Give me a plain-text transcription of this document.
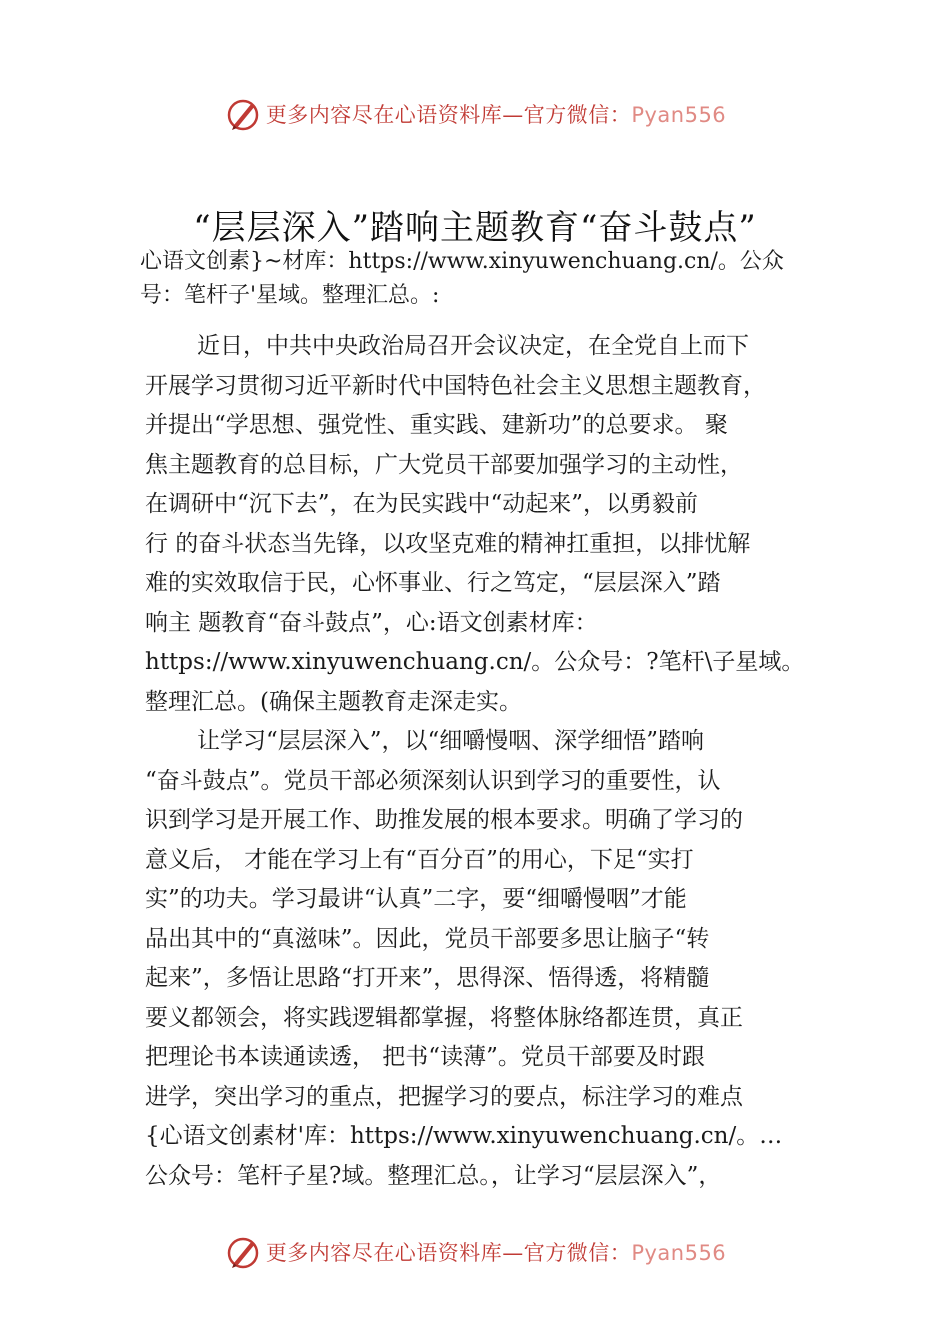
更多内容尽在心语资料库—官方微信：Pyan556
“层层深入”踏响主题教育“奋斗鼓点”
心语文创素}~材库：https://www.xinyuwenchuang.cn/。公众
号：笔杆子'星域。整理汇总。:
近日，中共中央政治局召开会议决定，在全党自上而下
开展学习贯彻习近平新时代中国特色社会主义思想主题教育，
并提出“学思想、强党性、重实践、建新功”的总要求。 聚
焦主题教育的总目标，广大党员干部要加强学习的主动性，
在调研中“沉下去”，在为民实践中“动起来”，以勇毅前
行 的奋斗状态当先锋，以攻坚克难的精神扛重担，以排忧解
难的实效取信于民，心怀事业、行之笃定，“层层深入”踏
响主 题教育“奋斗鼓点”，心:语文创素材库：
https://www.xinyuwenchuang.cn/。公众号：?笔杆\子星域。
整理汇总。(确保主题教育走深走实。
让学习“层层深入”，以“细嚼慢咽、深学细悟”踏响
“奋斗鼓点”。党员干部必须深刻认识到学习的重要性，认
识到学习是开展工作、助推发展的根本要求。明确了学习的
意义后， 才能在学习上有“百分百”的用心，下足“实打
实”的功夫。学习最讲“认真”二字，要“细嚼慢咽”才能
品出其中的“真滋味”。因此，党员干部要多思让脑子“转
起来”，多悟让思路“打开来”，思得深、悟得透，将精髓
要义都领会，将实践逻辑都掌握，将整体脉络都连贯，真正
把理论书本读通读透， 把书“读薄”。党员干部要及时跟
进学，突出学习的重点，把握学习的要点，标注学习的难点
{心语文创素材'库：https://www.xinyuwenchuang.cn/。…
公众号：笔杆子星?域。整理汇总。，让学习“层层深入”，
更多内容尽在心语资料库—官方微信：Pyan556
